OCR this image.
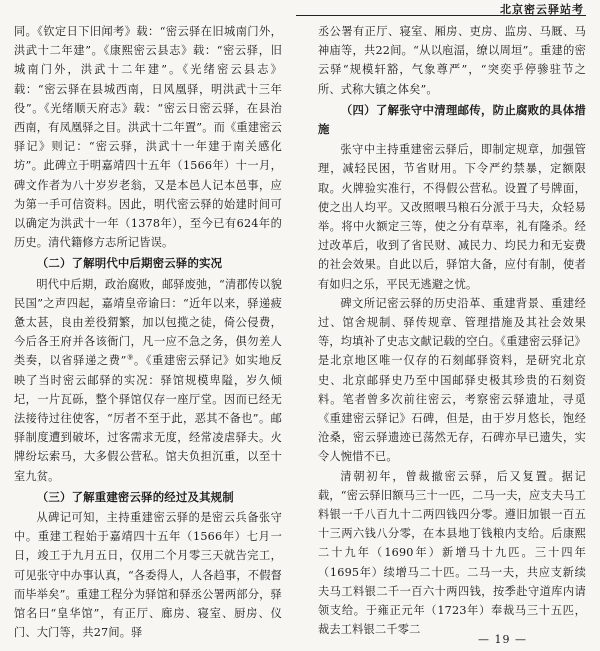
北京密云驿站考

同。《钦定日下旧闻考》载：“密云驿在旧城南门外，洪武十二年建”。《康熙密云县志》载：“密云驿，旧城南门外，洪武十二年建”。《光绪密云县志》载：“密云驿在县城西南，日风凰驿，明洪武十三年役”。《光绪顺天府志》载：“密云日密云驿，在县治西南，有凤凰驿之目。洪武十二年置”。而《重建密云驿记》则记：“密云驿，洪武十一年建于南关感化坊”。此碑立于明嘉靖四十五年（1566年）十一月，碑文作者为八十岁岁老翁，又是本邑人记本邑事，应为第一手可信资料。因此，明代密云驿的始建时间可以确定为洪武十一年（1378年），至今已有624年的历史。清代籍修方志所记皆误。

（二）了解明代中后期密云驿的实况

明代中后期，政治腐败，邮驿废弛，“清郡传以貌民国”之声四起，嘉靖皇帝谕曰：“近年以来，驿递疲惫太甚，良由差役猬繁，加以包揽之徒，倚公侵费，今后各王府并各该衙门，凡一应不急之务，俱勿差人类奏，以省驿递之费”⑨。《重建密云驿记》如实地反映了当时密云邮驿的实况：驿馆规模卑隘，岁久倾圮，一片瓦砾，整个驿馆仅存一座厅堂。因而已经无法接待过往使客，“厉者不至于此，恶其不备也”。邮驿制度遭到破坏，过客需求无度，经常凌虐驿夫。火牌纷坛索马，大多假公营私。馆夫负担沉重，以至十室九贫。

（三）了解重建密云驿的经过及其规制

从碑记可知，主持重建密云驿的是密云兵备张守中。重建工程始于嘉靖四十五年（1566年）七月一日，竣工于九月五日，仅用二个月零三天就告完工，可见张守中办事认真，“各委得人，人各趋事，不假督而毕举矣”。重建工程分为驿馆和驿丞公署两部分，驿馆名曰“皇华馆”，有正厅、廊房、寝室、厨房、仪门、大门等，共27间。驿

丞公署有正厅、寝室、厢房、吏房、监房、马厩、马神庙等，共22间。“从以庖湢，缭以周垣”。重建的密云驿“规模轩豁，气象尊严”，“突奕乎停骖驻节之所、式称大镇之体矣”。

（四）了解张守中清理邮传，防止腐败的具体措施

张守中主持重建密云驿后，即制定规章，加强管理，减轻民困，节省财用。下令严约禁暴，定额限取。火牌验实准行，不得假公营私。设置了号牌面，使之出人均平。又改照喂马粮石分派于马夫，众轻易举。将中火额定三等，使之分有草率，礼有隆杀。经过改革后，收到了省民财、减民力、均民力和无妄费的社会效果。自此以后，驿馆大备，应付有制，使者有如归之乐，平民无逃避之忧。

碑文所记密云驿的历史沿革、重建背景、重建经过、馆舍规制、驿传规章、管理措施及其社会效果等，均填补了史志文献记载的空白。《重建密云驿记》是北京地区唯一仅存的石刻邮驿资料，是研究北京史、北京邮驿史乃至中国邮驿史极其珍贵的石刻资料。笔者曾多次前往密云，考察密云驿遗址，寻觅《重建密云驿记》石碑，但是，由于岁月悠长，饱经沧桑，密云驿遗迹已荡然无存，石碑亦早已遗失，实令人惋惜不已。

清朝初年，曾裁撤密云驿，后又复置。据记载，“密云驿旧额马三十一匹，二马一夫，应支夫马工料银一千八百九十二两四钱四分零。遵旧加银一百五十三两六钱八分零，在本县地丁钱粮内支给。后康熙二十九年（1690年）新增马十九匹。三十四年（1695年）续增马二十匹。二马一夫，共应支新续夫马工料银二千一百六十两四钱，按季赴守道库内请领支给。于雍正元年（1723年）奉裁马三十五匹，裁去工料银二千零二

— 19 —
